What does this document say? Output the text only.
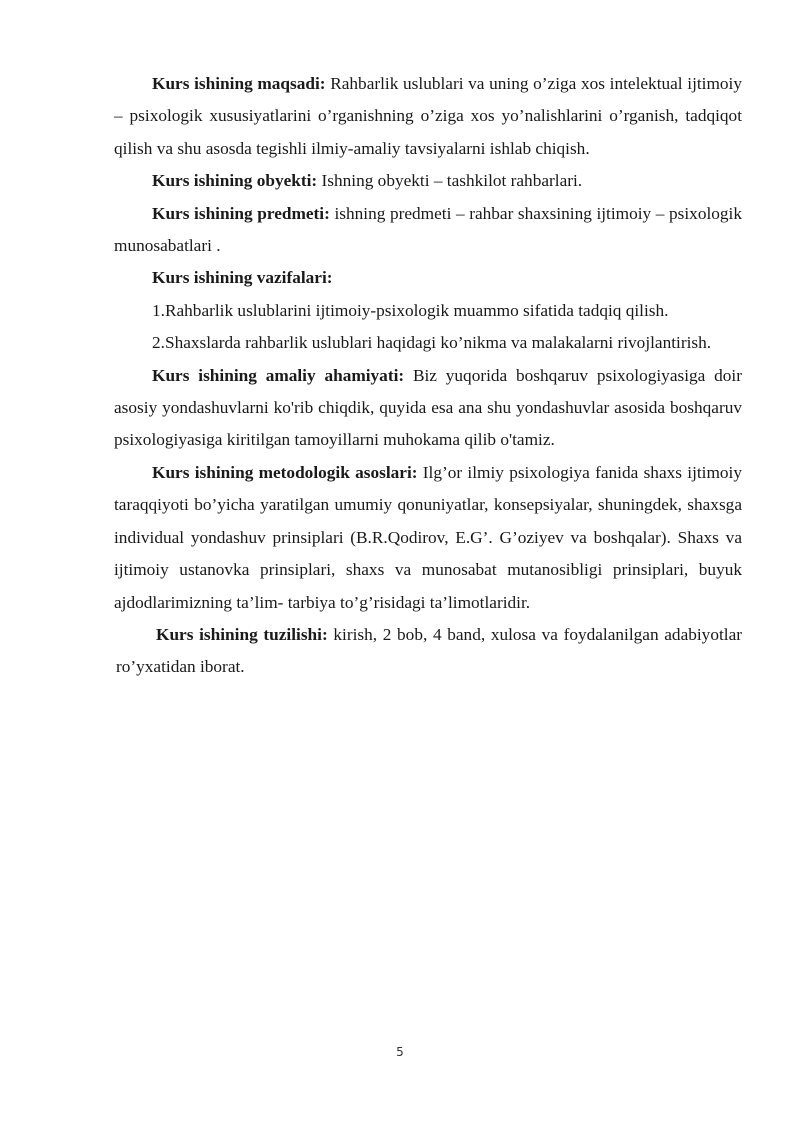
Kurs ishining maqsadi: Rahbarlik uslublari va uning o’ziga xos intelektual ijtimoiy – psixologik xususiyatlarini o’rganishning o’ziga xos yo’nalishlarini o’rganish, tadqiqot qilish va shu asosda tegishli ilmiy-amaliy tavsiyalarni ishlab chiqish.

Kurs ishining obyekti: Ishning obyekti – tashkilot rahbarlari.

Kurs ishining predmeti: ishning predmeti – rahbar shaxsining ijtimoiy – psixologik munosabatlari .

Kurs ishining vazifalari:

1.Rahbarlik uslublarini ijtimoiy-psixologik muammo sifatida tadqiq qilish.

2.Shaxslarda rahbarlik uslublari haqidagi ko’nikma va malakalarni rivojlantirish.

Kurs ishining amaliy ahamiyati: Biz yuqorida boshqaruv psixologiyasiga doir asosiy yondashuvlarni ko'rib chiqdik, quyida esa ana shu yondashuvlar asosida boshqaruv psixologiyasiga kiritilgan tamoyillarni muhokama qilib o'tamiz.

Kurs ishining metodologik asoslari: Ilg’or ilmiy psixologiya fanida shaxs ijtimoiy taraqqiyoti bo’yicha yaratilgan umumiy qonuniyatlar, konsepsiyalar, shuningdek, shaxsga individual yondashuv prinsiplari (B.R.Qodirov, E.G’. G’oziyev va boshqalar). Shaxs va ijtimoiy ustanovka prinsiplari, shaxs va munosabat mutanosibligi prinsiplari, buyuk ajdodlarimizning ta’lim- tarbiya to’g’risidagi ta’limotlaridir.

Kurs ishining tuzilishi: kirish, 2 bob, 4 band, xulosa va foydalanilgan adabiyotlar ro’yxatidan iborat.

5
